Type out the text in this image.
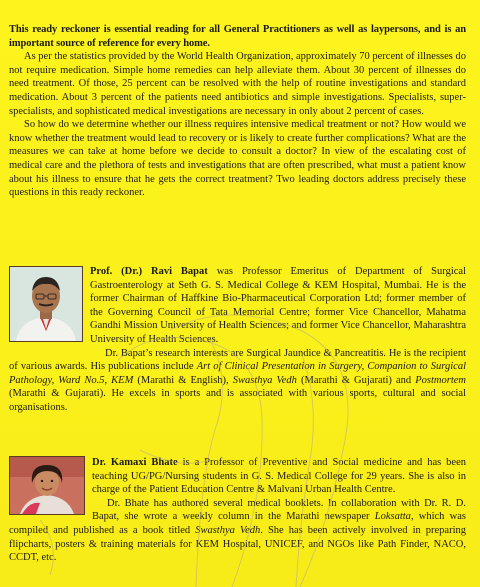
This ready reckoner is essential reading for all General Practitioners as well as laypersons, and is an important source of reference for every home.

As per the statistics provided by the World Health Organization, approximately 70 percent of illnesses do not require medication. Simple home remedies can help alleviate them. About 30 percent of illnesses do need treatment. Of those, 25 percent can be resolved with the help of routine investigations and standard medication. About 3 percent of the patients need antibiotics and simple investigations. Specialists, super-specialists, and sophisticated medical investigations are necessary in only about 2 percent of cases.

So how do we determine whether our illness requires intensive medical treatment or not? How would we know whether the treatment would lead to recovery or is likely to create further complications? What are the measures we can take at home before we decide to consult a doctor? In view of the escalating cost of medical care and the plethora of tests and investigations that are often prescribed, what must a patient know about his illness to ensure that he gets the correct treatment? Two leading doctors address precisely these questions in this ready reckoner.

Prof. (Dr.) Ravi Bapat was Professor Emeritus of Department of Surgical Gastroenterology at Seth G. S. Medical College & KEM Hospital, Mumbai. He is the former Chairman of Haffkine Bio-Pharmaceutical Corporation Ltd; former member of the Governing Council of Tata Memorial Centre; former Vice Chancellor, Mahatma Gandhi Mission University of Health Sciences; and former Vice Chancellor, Maharashtra University of Health Sciences.

Dr. Bapat’s research interests are Surgical Jaundice & Pancreatitis. He is the recipient of various awards. His publications include Art of Clinical Presentation in Surgery, Companion to Surgical Pathology, Ward No.5, KEM (Marathi & English), Swasthya Vedh (Marathi & Gujarati) and Postmortem (Marathi & Gujarati). He excels in sports and is associated with various sports, cultural and social organisations.

Dr. Kamaxi Bhate is a Professor of Preventive and Social medicine and has been teaching UG/PG/Nursing students in G. S. Medical College for 29 years. She is also in charge of the Patient Education Centre & Malvani Urban Health Centre.

Dr. Bhate has authored several medical booklets. In collaboration with Dr. R. D. Bapat, she wrote a weekly column in the Marathi newspaper Loksatta, which was compiled and published as a book titled Swasthya Vedh. She has been actively involved in preparing flipcharts, posters & training materials for KEM Hospital, UNICEF, and NGOs like Path Finder, NACO, CCDT, etc.
